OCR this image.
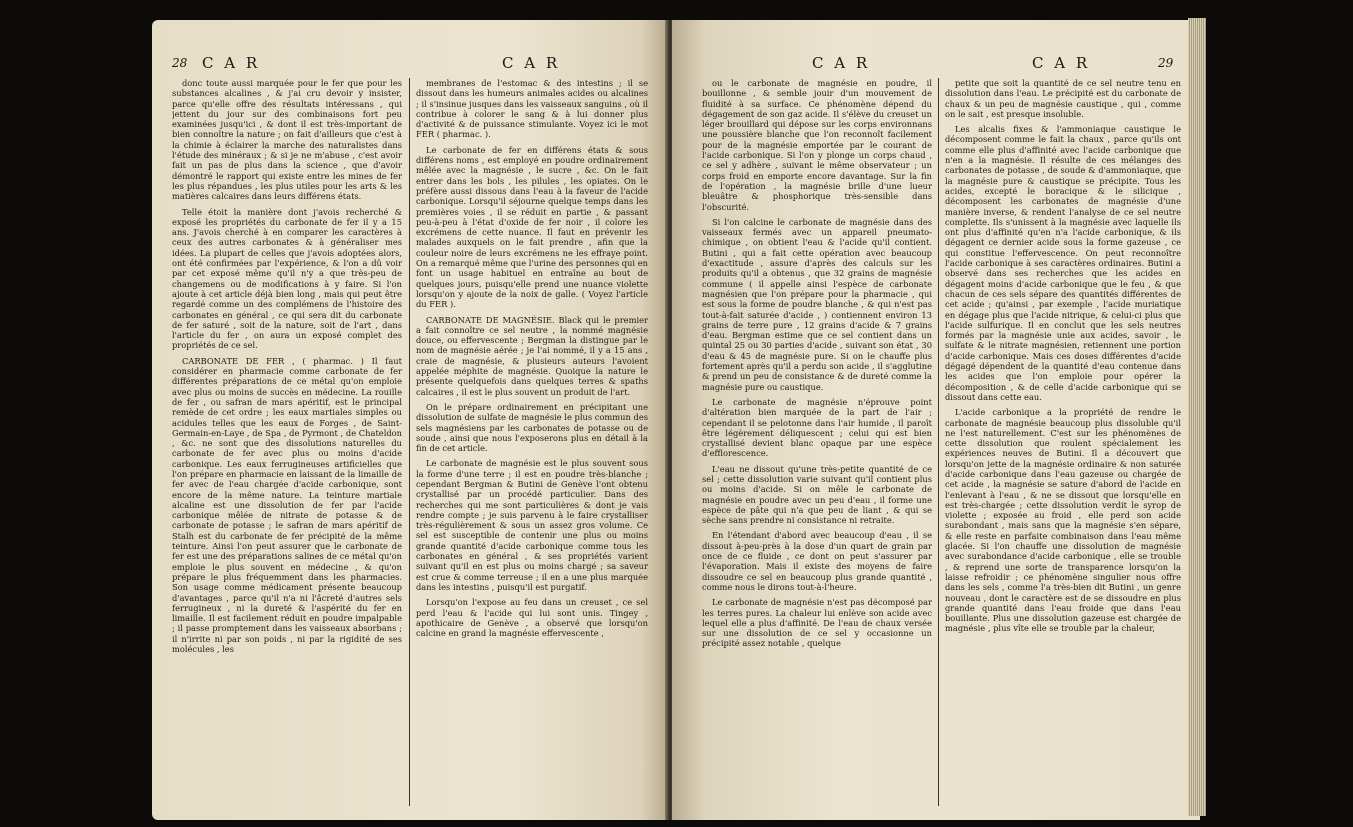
28 C A R	C A R

donc toute aussi marquée pour le fer que pour les substances alcalines , & j'ai cru devoir y insister, parce qu'elle offre des résultats intéressans , qui jettent du jour sur des combinaisons fort peu examinées jusqu'ici , & dont il est très-important de bien connoître la nature ; on fait d'ailleurs que c'est à la chimie à éclairer la marche des naturalistes dans l'étude des minéraux ; & si je ne m'abuse , c'est avoir fait un pas de plus dans la science , que d'avoir démontré le rapport qui existe entre les mines de fer les plus répandues , les plus utiles pour les arts & les matières calcaires dans leurs différens états.

Telle étoit la manière dont j'avois recherché & exposé les propriétés du carbonate de fer il y a 15 ans. J'avois cherché à en comparer les caractères à ceux des autres carbonates & à généraliser mes idées. La plupart de celles que j'avois adoptées alors, ont été confirmées par l'expérience, & l'on a dû voir par cet exposé même qu'il n'y a que très-peu de changemens ou de modifications à y faire. Si l'on ajoute à cet article déjà bien long , mais qui peut être regardé comme un des complémens de l'histoire des carbonates en général , ce qui sera dit du carbonate de fer saturé , soit de la nature, soit de l'art , dans l'article du fer , on aura un exposé complet des propriétés de ce sel.

CARBONATE DE FER , ( pharmac. ) Il faut considérer en pharmacie comme carbonate de fer différentes préparations de ce métal qu'on emploie avec plus ou moins de succès en médecine. La rouille de fer , ou safran de mars apéritif, est le principal remède de cet ordre ; les eaux martiales simples ou acidules telles que les eaux de Forges , de Saint-Germain-en-Laye , de Spa , de Pyrmont , de Chateldon , &c. ne sont que des dissolutions naturelles du carbonate de fer avec plus ou moins d'acide carbonique. Les eaux ferrugineuses artificielles que l'on prépare en pharmacie en laissant de la limaille de fer avec de l'eau chargée d'acide carbonique, sont encore de la même nature. La teinture martiale alcaline est une dissolution de fer par l'acide carbonique mêlée de nitrate de potasse & de carbonate de potasse ; le safran de mars apéritif de Stalh est du carbonate de fer précipité de la même teinture. Ainsi l'on peut assurer que le carbonate de fer est une des préparations salines de ce métal qu'on emploie le plus souvent en médecine , & qu'on prépare le plus fréquemment dans les pharmacies. Son usage comme médicament présente beaucoup d'avantages , parce qu'il n'a ni l'âcreté d'autres sels ferrugineux , ni la dureté & l'aspérité du fer en limaille. Il est facilement réduit en poudre impalpable ; il passe promptement dans les vaisseaux absorbans ; il n'irrite ni par son poids , ni par la rigidité de ses molécules , les

membranes de l'estomac & des intestins ; il se dissout dans les humeurs animales acides ou alcalines ; il s'insinue jusques dans les vaisseaux sanguins , où il contribue à colorer le sang & à lui donner plus d'activité & de puissance stimulante. Voyez ici le mot FER ( pharmac. ).

Le carbonate de fer en différens états & sous différens noms , est employé en poudre ordinairement mêlée avec la magnésie , le sucre , &c. On le fait entrer dans les bols , les pilules , les opiates. On le préfère aussi dissous dans l'eau à la faveur de l'acide carbonique. Lorsqu'il séjourne quelque temps dans les premières voies , il se réduit en partie , & passant peu-à-peu à l'état d'oxide de fer noir , il colore les excrémens de cette nuance. Il faut en prévenir les malades auxquels on le fait prendre , afin que la couleur noire de leurs excrémens ne les effraye point. On a remarqué même que l'urine des personnes qui en font un usage habituel en entraîne au bout de quelques jours, puisqu'elle prend une nuance violette lorsqu'on y ajoute de la noix de galle. ( Voyez l'article du FER ).

CARBONATE DE MAGNÉSIE. Black qui le premier a fait connoître ce sel neutre , la nommé magnésie douce, ou effervescente ; Bergman la distingue par le nom de magnésie aérée ; je l'ai nommé, il y a 15 ans , craie de magnésie, & plusieurs auteurs l'avoient appelée méphite de magnésie. Quoique la nature le présente quelquefois dans quelques terres & spaths calcaires , il est le plus souvent un produit de l'art.

On le prépare ordinairement en précipitant une dissolution de sulfate de magnésie le plus commun des sels magnésiens par les carbonates de potasse ou de soude , ainsi que nous l'exposerons plus en détail à la fin de cet article.

Le carbonate de magnésie est le plus souvent sous la forme d'une terre ; il est en poudre très-blanche ; cependant Bergman & Butini de Genève l'ont obtenu crystallisé par un procédé particulier. Dans des recherches qui me sont particulières & dont je vais rendre compte ; je suis parvenu à le faire crystalliser très-régulièrement & sous un assez gros volume. Ce sel est susceptible de contenir une plus ou moins grande quantité d'acide carbonique comme tous les carbonates en général , & ses propriétés varient suivant qu'il en est plus ou moins chargé ; sa saveur est crue & comme terreuse ; il en a une plus marquée dans les intestins , puisqu'il est purgatif.

Lorsqu'on l'expose au feu dans un creuset , ce sel perd l'eau & l'acide qui lui sont unis. Tingey , apothicaire de Genève , a observé que lorsqu'on calcine en grand la magnésie effervescente ,

C A R	C A R	29

ou le carbonate de magnésie en poudre, il bouillonne , & semble jouir d'un mouvement de fluidité à sa surface. Ce phénomène dépend du dégagement de son gaz acide. Il s'élève du creuset un léger brouillard qui dépose sur les corps environnans une poussière blanche que l'on reconnoît facilement pour de la magnésie emportée par le courant de l'acide carbonique. Si l'on y plonge un corps chaud , ce sel y adhère , suivant le même observateur ; un corps froid en emporte encore davantage. Sur la fin de l'opération , la magnésie brille d'une lueur bleuâtre & phosphorique très-sensible dans l'obscurité.

Si l'on calcine le carbonate de magnésie dans des vaisseaux fermés avec un appareil pneumato-chimique , on obtient l'eau & l'acide qu'il contient. Butini , qui a fait cette opération avec beaucoup d'exactitude , assure d'après des calculs sur les produits qu'il a obtenus , que 32 grains de magnésie commune ( il appelle ainsi l'espèce de carbonate magnésien que l'on prépare pour la pharmacie , qui est sous la forme de poudre blanche , & qui n'est pas tout-à-fait saturée d'acide , ) contiennent environ 13 grains de terre pure , 12 grains d'acide & 7 grains d'eau. Bergman estime que ce sel contient dans un quintal 25 ou 30 parties d'acide , suivant son état , 30 d'eau & 45 de magnésie pure. Si on le chauffe plus fortement après qu'il a perdu son acide , il s'agglutine & prend un peu de consistance & de dureté comme la magnésie pure ou caustique.

Le carbonate de magnésie n'éprouve point d'altération bien marquée de la part de l'air ; cependant il se pelotonne dans l'air humide , il paroît être légèrement déliquescent ; celui qui est bien crystallisé devient blanc opaque par une espèce d'efflorescence.

L'eau ne dissout qu'une très-petite quantité de ce sel ; cette dissolution varie suivant qu'il contient plus ou moins d'acide. Si on mêle le carbonate de magnésie en poudre avec un peu d'eau , il forme une espèce de pâte qui n'a que peu de liant , & qui se sèche sans prendre ni consistance ni retraite.

En l'étendant d'abord avec beaucoup d'eau , il se dissout à-peu-près à la dose d'un quart de grain par once de ce fluide , ce dont on peut s'assurer par l'évaporation. Mais il existe des moyens de faire dissoudre ce sel en beaucoup plus grande quantité , comme nous le dirons tout-à-l'heure.

Le carbonate de magnésie n'est pas décomposé par les terres pures. La chaleur lui enlève son acide avec lequel elle a plus d'affinité. De l'eau de chaux versée sur une dissolution de ce sel y occasionne un précipité assez notable , quelque

petite que soit la quantité de ce sel neutre tenu en dissolution dans l'eau. Le précipité est du carbonate de chaux & un peu de magnésie caustique , qui , comme on le sait , est presque insoluble.

Les alcalis fixes & l'ammoniaque caustique le décomposent comme le fait la chaux , parce qu'ils ont comme elle plus d'affinité avec l'acide carbonique que n'en a la magnésie. Il résulte de ces mélanges des carbonates de potasse , de soude & d'ammoniaque, que la magnésie pure & caustique se précipite. Tous les acides, excepté le boracique & le silicique , décomposent les carbonates de magnésie d'une manière inverse, & rendent l'analyse de ce sel neutre complette. Ils s'unissent à la magnésie avec laquelle ils ont plus d'affinité qu'en n'a l'acide carbonique, & ils dégagent ce dernier acide sous la forme gazeuse , ce qui constitue l'effervescence. On peut reconnoître l'acide carbonique à ses caractères ordinaires. Butini a observé dans ses recherches que les acides en dégagent moins d'acide carbonique que le feu , & que chacun de ces sels sépare des quantités différentes de cet acide ; qu'ainsi , par exemple , l'acide muriatique en dégage plus que l'acide nitrique, & celui-ci plus que l'acide sulfurique. Il en conclut que les sels neutres formés par la magnésie unie aux acides, savoir , le sulfate & le nitrate magnésien, retiennent une portion d'acide carbonique. Mais ces doses différentes d'acide dégagé dépendent de la quantité d'eau contenue dans les acides que l'on emploie pour opérer la décomposition , & de celle d'acide carbonique qui se dissout dans cette eau.

L'acide carbonique a la propriété de rendre le carbonate de magnésie beaucoup plus dissoluble qu'il ne l'est naturellement. C'est sur les phénomènes de cette dissolution que roulent spécialement les expériences neuves de Butini. Il a découvert que lorsqu'on jette de la magnésie ordinaire & non saturée d'acide carbonique dans l'eau gazeuse ou chargée de cet acide , la magnésie se sature d'abord de l'acide en l'enlevant à l'eau , & ne se dissout que lorsqu'elle en est très-chargée ; cette dissolution verdit le syrop de violette ; exposée au froid , elle perd son acide surabondant , mais sans que la magnésie s'en sépare, & elle reste en parfaite combinaison dans l'eau même glacée. Si l'on chauffe une dissolution de magnésie avec surabondance d'acide carbonique , elle se trouble , & reprend une sorte de transparence lorsqu'on la laisse refroidir ; ce phénomène singulier nous offre dans les sels , comme l'a très-bien dit Butini , un genre nouveau , dont le caractère est de se dissoudre en plus grande quantité dans l'eau froide que dans l'eau bouillante. Plus une dissolution gazeuse est chargée de magnésie , plus vîte elle se trouble par la chaleur,
